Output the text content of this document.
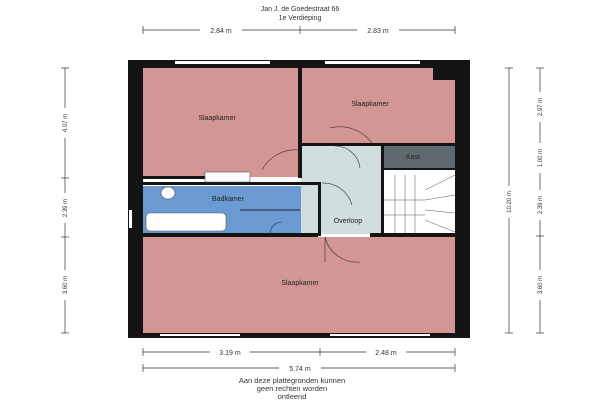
Jan J. de Goedestraat 66
1e Verdieping
2.84 m	2.83 m
Slaapkamer
Slaapkamer
Badkamer
Kast
Overloop
Slaapkamer
4.07 m
2.39 m
3.60 m
2.97 m
1.00 m
2.39 m
3.60 m
10.20 m
3.19 m	2.48 m
5.74 m
Aan deze plattegronden kunnen
geen rechten worden
ontleend
